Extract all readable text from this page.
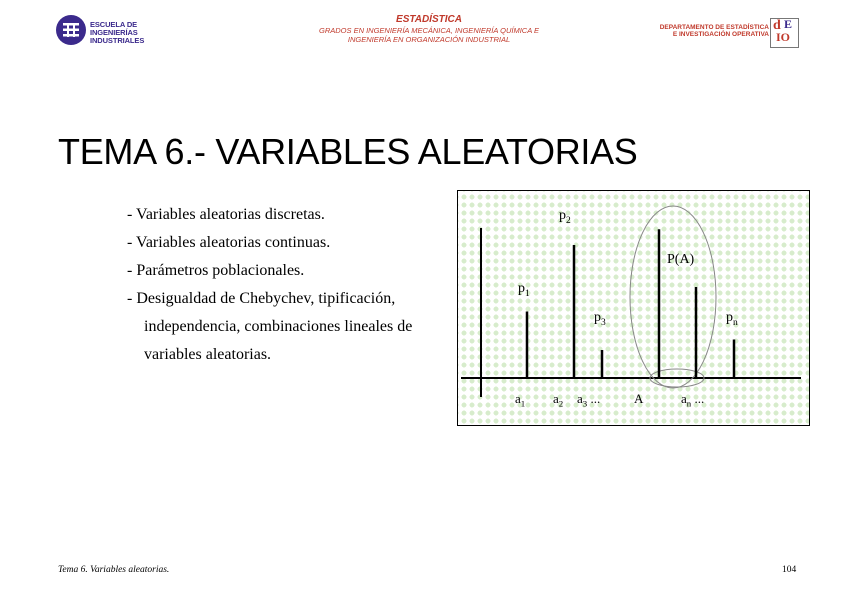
ESCUELA DE INGENIERÍAS
INDUSTRIALES
ESTADÍSTICA
GRADOS EN INGENIERÍA MECÁNICA, INGENIERÍA QUÍMICA E
INGENIERÍA EN ORGANIZACIÓN INDUSTRIAL
DEPARTAMENTO DE ESTADÍSTICA
E INVESTIGACIÓN OPERATIVA
d E
IO
TEMA 6.- VARIABLES ALEATORIAS
- Variables aleatorias discretas.
- Variables aleatorias continuas.
- Parámetros poblacionales.
- Desigualdad de Chebychev, tipificación,
independencia, combinaciones lineales de
variables aleatorias.
$p_1$
$p_2$
$p_3$	$p_n$
$a_1$ $a_2$ $a_3$ ...	A	$a_n$ ...
P(A)
Tema 6. Variables aleatorias.	104
